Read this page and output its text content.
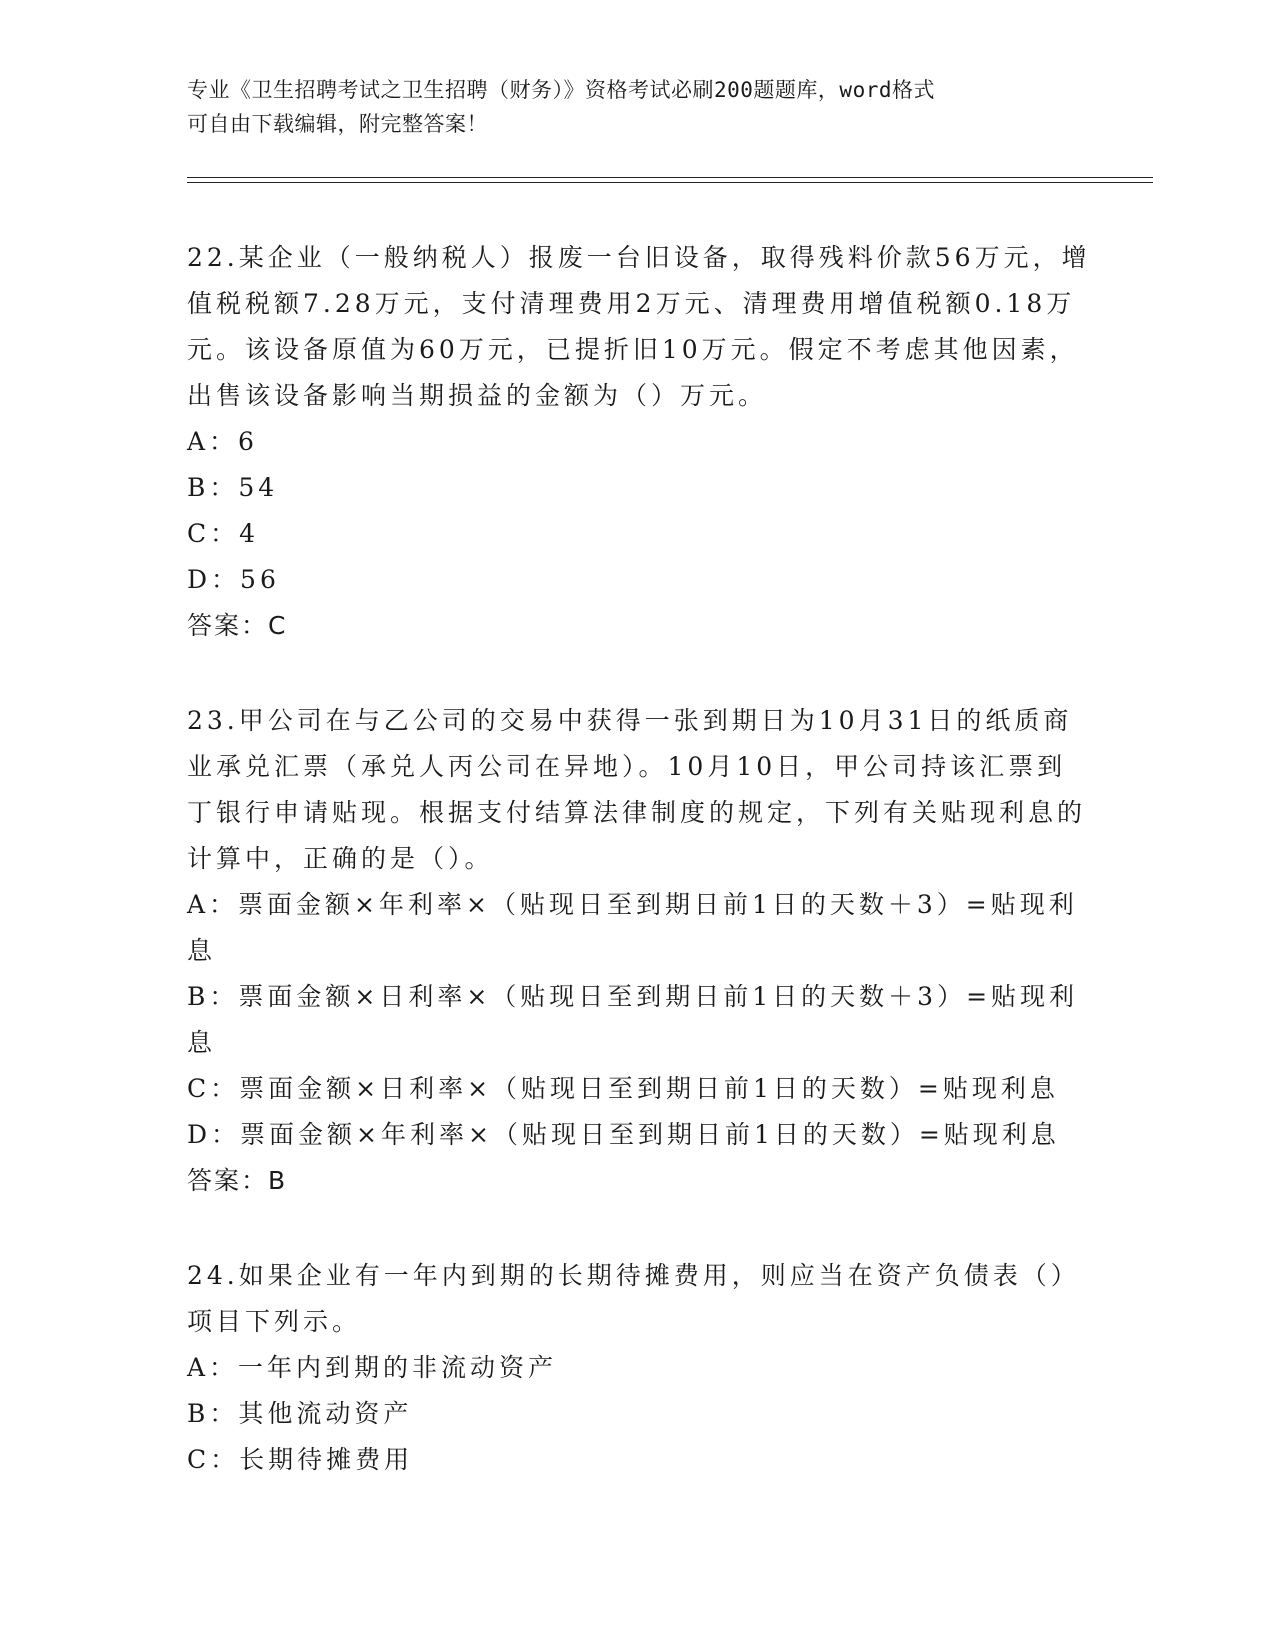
专业《卫生招聘考试之卫生招聘（财务）》资格考试必刷200题题库，word格式
可自由下载编辑，附完整答案！
22.某企业（一般纳税人）报废一台旧设备，取得残料价款56万元，增值税税额7.28万元，支付清理费用2万元、清理费用增值税额0.18万元。该设备原值为60万元，已提折旧10万元。假定不考虑其他因素，出售该设备影响当期损益的金额为（）万元。
A：6
B：54
C：4
D：56
答案：C
23.甲公司在与乙公司的交易中获得一张到期日为10月31日的纸质商业承兑汇票（承兑人丙公司在异地）。10月10日，甲公司持该汇票到丁银行申请贴现。根据支付结算法律制度的规定，下列有关贴现利息的计算中，正确的是（）。
A：票面金额×年利率×（贴现日至到期日前1日的天数＋3）=贴现利息
B：票面金额×日利率×（贴现日至到期日前1日的天数＋3）=贴现利息
C：票面金额×日利率×（贴现日至到期日前1日的天数）=贴现利息
D：票面金额×年利率×（贴现日至到期日前1日的天数）=贴现利息
答案：B
24.如果企业有一年内到期的长期待摊费用，则应当在资产负债表（）项目下列示。
A：一年内到期的非流动资产
B：其他流动资产
C：长期待摊费用
